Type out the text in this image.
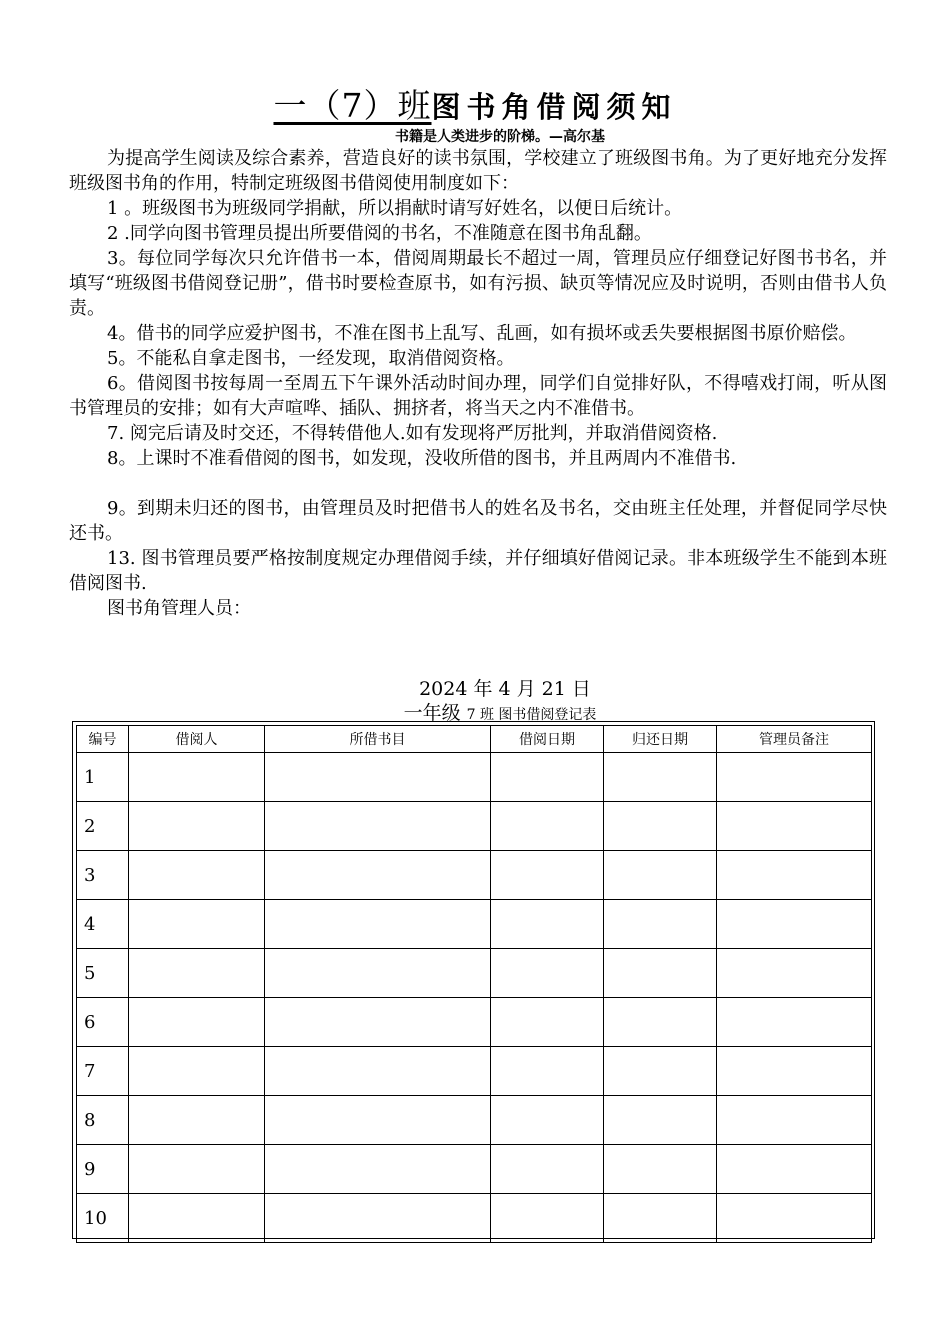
一（7）班图书角借阅须知
书籍是人类进步的阶梯。—高尔基

为提高学生阅读及综合素养，营造良好的读书氛围，学校建立了班级图书角。为了更好地充分发挥班级图书角的作用，特制定班级图书借阅使用制度如下：

1 。班级图书为班级同学捐献，所以捐献时请写好姓名，以便日后统计。

2 .同学向图书管理员提出所要借阅的书名，不准随意在图书角乱翻。

3。每位同学每次只允许借书一本，借阅周期最长不超过一周，管理员应仔细登记好图书书名，并填写“班级图书借阅登记册”，借书时要检查原书，如有污损、缺页等情况应及时说明，否则由借书人负责。

4。借书的同学应爱护图书，不准在图书上乱写、乱画，如有损坏或丢失要根据图书原价赔偿。

5。不能私自拿走图书，一经发现，取消借阅资格。

6。借阅图书按每周一至周五下午课外活动时间办理，同学们自觉排好队，不得嘻戏打闹，听从图书管理员的安排；如有大声喧哗、插队、拥挤者，将当天之内不准借书。

7. 阅完后请及时交还，不得转借他人.如有发现将严厉批判，并取消借阅资格.

8。上课时不准看借阅的图书，如发现，没收所借的图书，并且两周内不准借书.

9。到期未归还的图书，由管理员及时把借书人的姓名及书名，交由班主任处理，并督促同学尽快还书。

13. 图书管理员要严格按制度规定办理借阅手续，并仔细填好借阅记录。非本班级学生不能到本班借阅图书.

图书角管理人员：

2024 年 4 月 21 日
一年级 7 班 图书借阅登记表
编号	借阅人	所借书目	借阅日期	归还日期	管理员备注
1					
2					
3					
4					
5					
6					
7					
8					
9					
10					
